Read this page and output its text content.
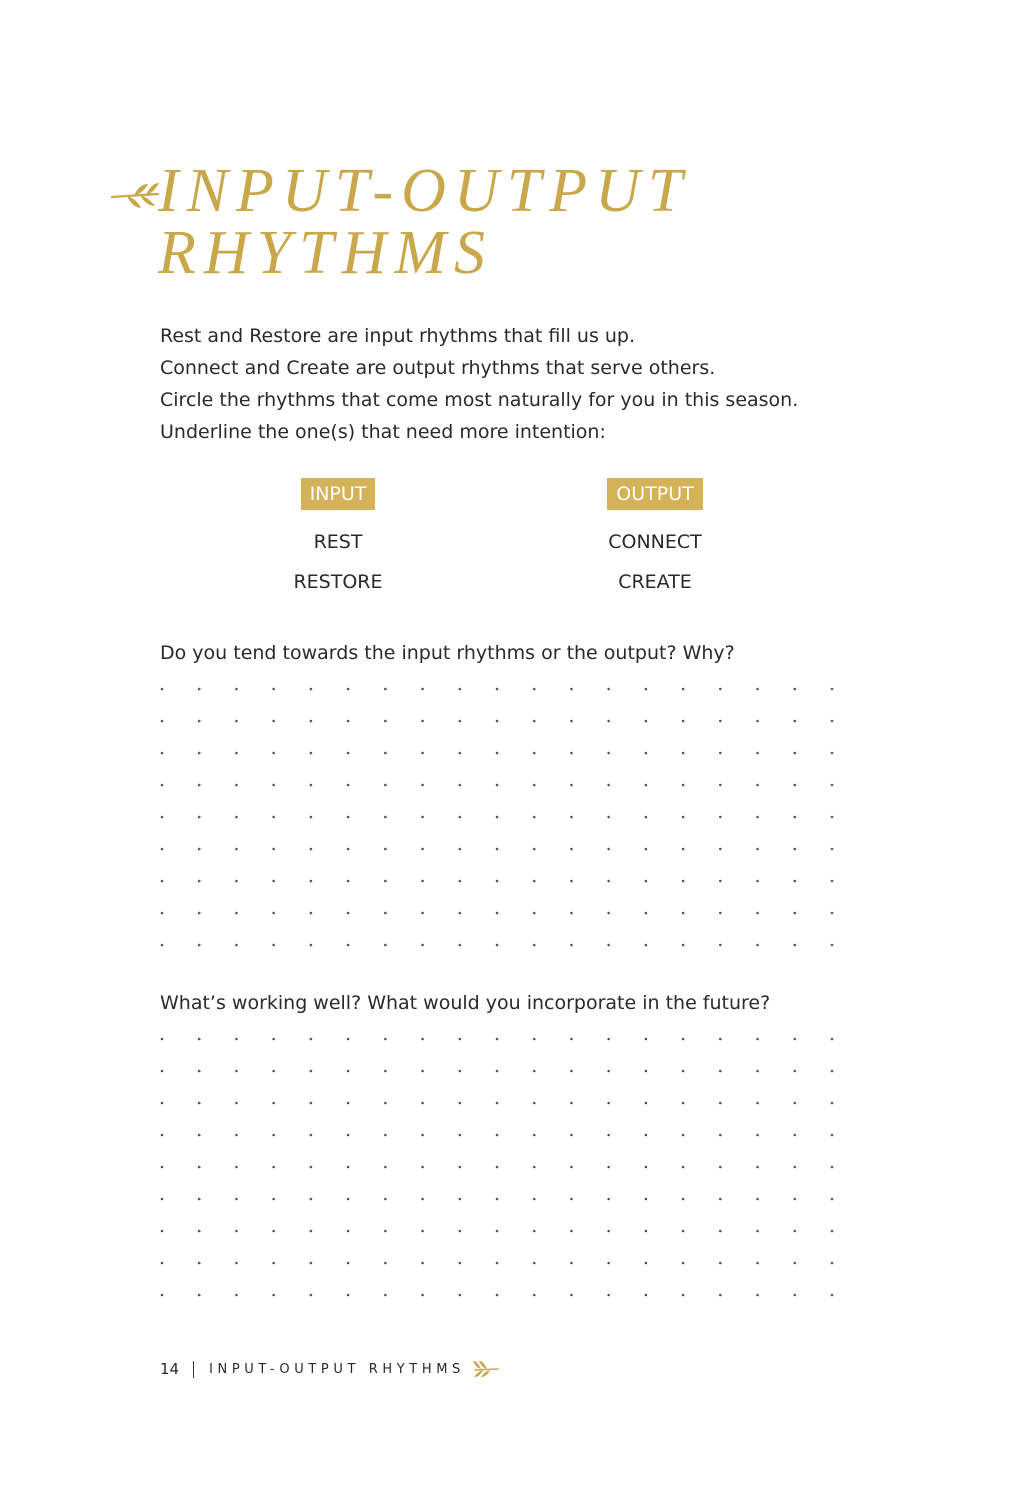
INPUT-OUTPUT
RHYTHMS

Rest and Restore are input rhythms that fill us up.

Connect and Create are output rhythms that serve others.

Circle the rhythms that come most naturally for you in this season.

Underline the one(s) that need more intention:

INPUT
REST
RESTORE
OUTPUT
CONNECT
CREATE

Do you tend towards the input rhythms or the output? Why?

What’s working well? What would you incorporate in the future?

14 INPUT-OUTPUT RHYTHMS
